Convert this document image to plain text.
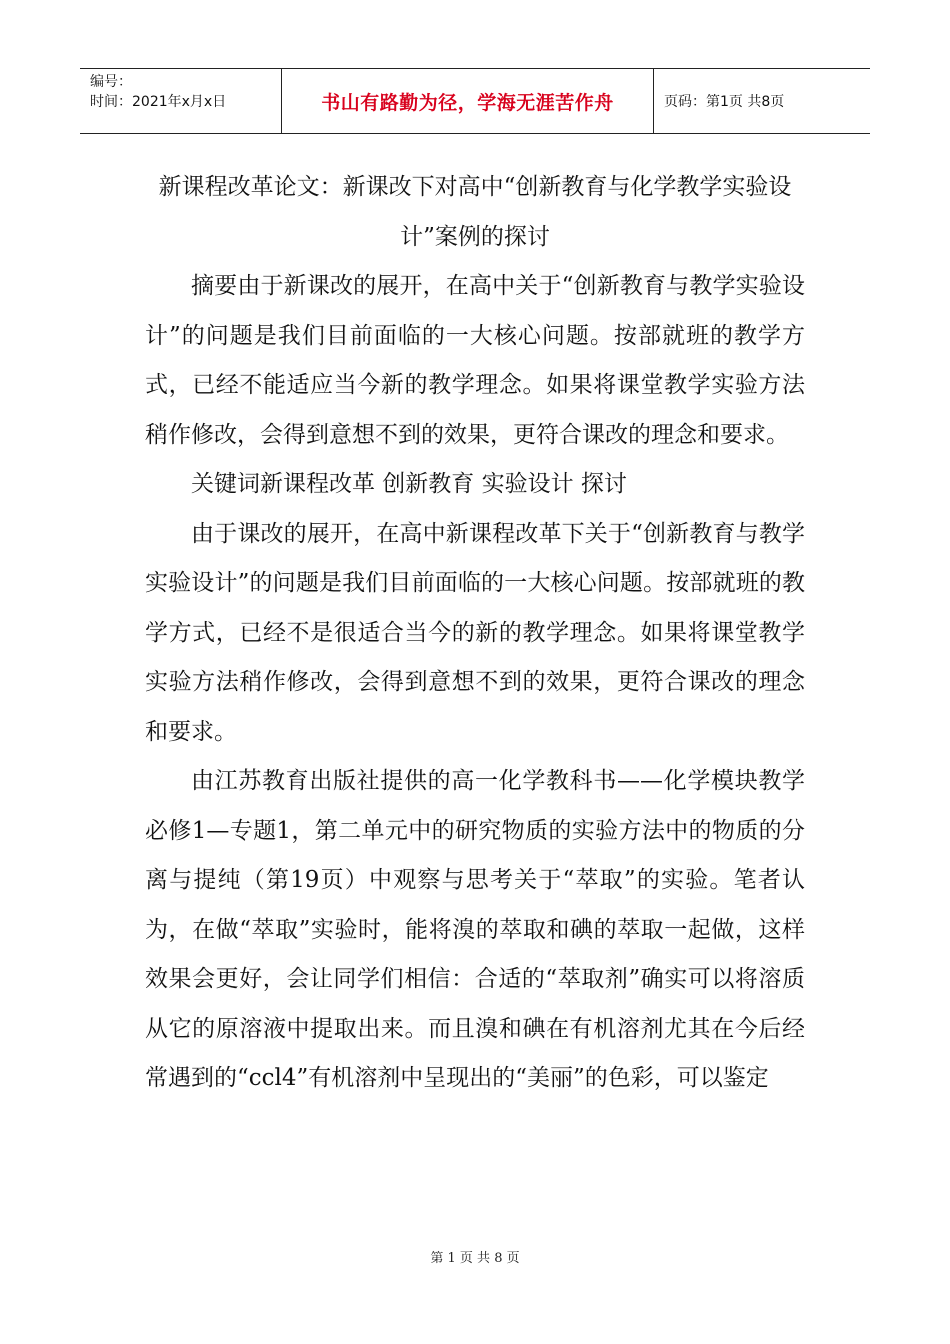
编号：
时间：2021年x月x日	书山有路勤为径，学海无涯苦作舟	页码：第1页 共8页
新课程改革论文：新课改下对高中“创新教育与化学教学实验设计”案例的探讨

摘要由于新课改的展开，在高中关于“创新教育与教学实验设计”的问题是我们目前面临的一大核心问题。按部就班的教学方式，已经不能适应当今新的教学理念。如果将课堂教学实验方法稍作修改，会得到意想不到的效果，更符合课改的理念和要求。

关键词新课程改革 创新教育 实验设计 探讨

由于课改的展开，在高中新课程改革下关于“创新教育与教学实验设计”的问题是我们目前面临的一大核心问题。按部就班的教学方式，已经不是很适合当今的新的教学理念。如果将课堂教学实验方法稍作修改，会得到意想不到的效果，更符合课改的理念和要求。

由江苏教育出版社提供的高一化学教科书——化学模块教学必修1—专题1，第二单元中的研究物质的实验方法中的物质的分离与提纯（第19页）中观察与思考关于“萃取”的实验。笔者认为，在做“萃取”实验时，能将溴的萃取和碘的萃取一起做，这样效果会更好，会让同学们相信：合适的“萃取剂”确实可以将溶质从它的原溶液中提取出来。而且溴和碘在有机溶剂尤其在今后经常遇到的“ccl4”有机溶剂中呈现出的“美丽”的色彩，可以鉴定

第 1 页 共 8 页
